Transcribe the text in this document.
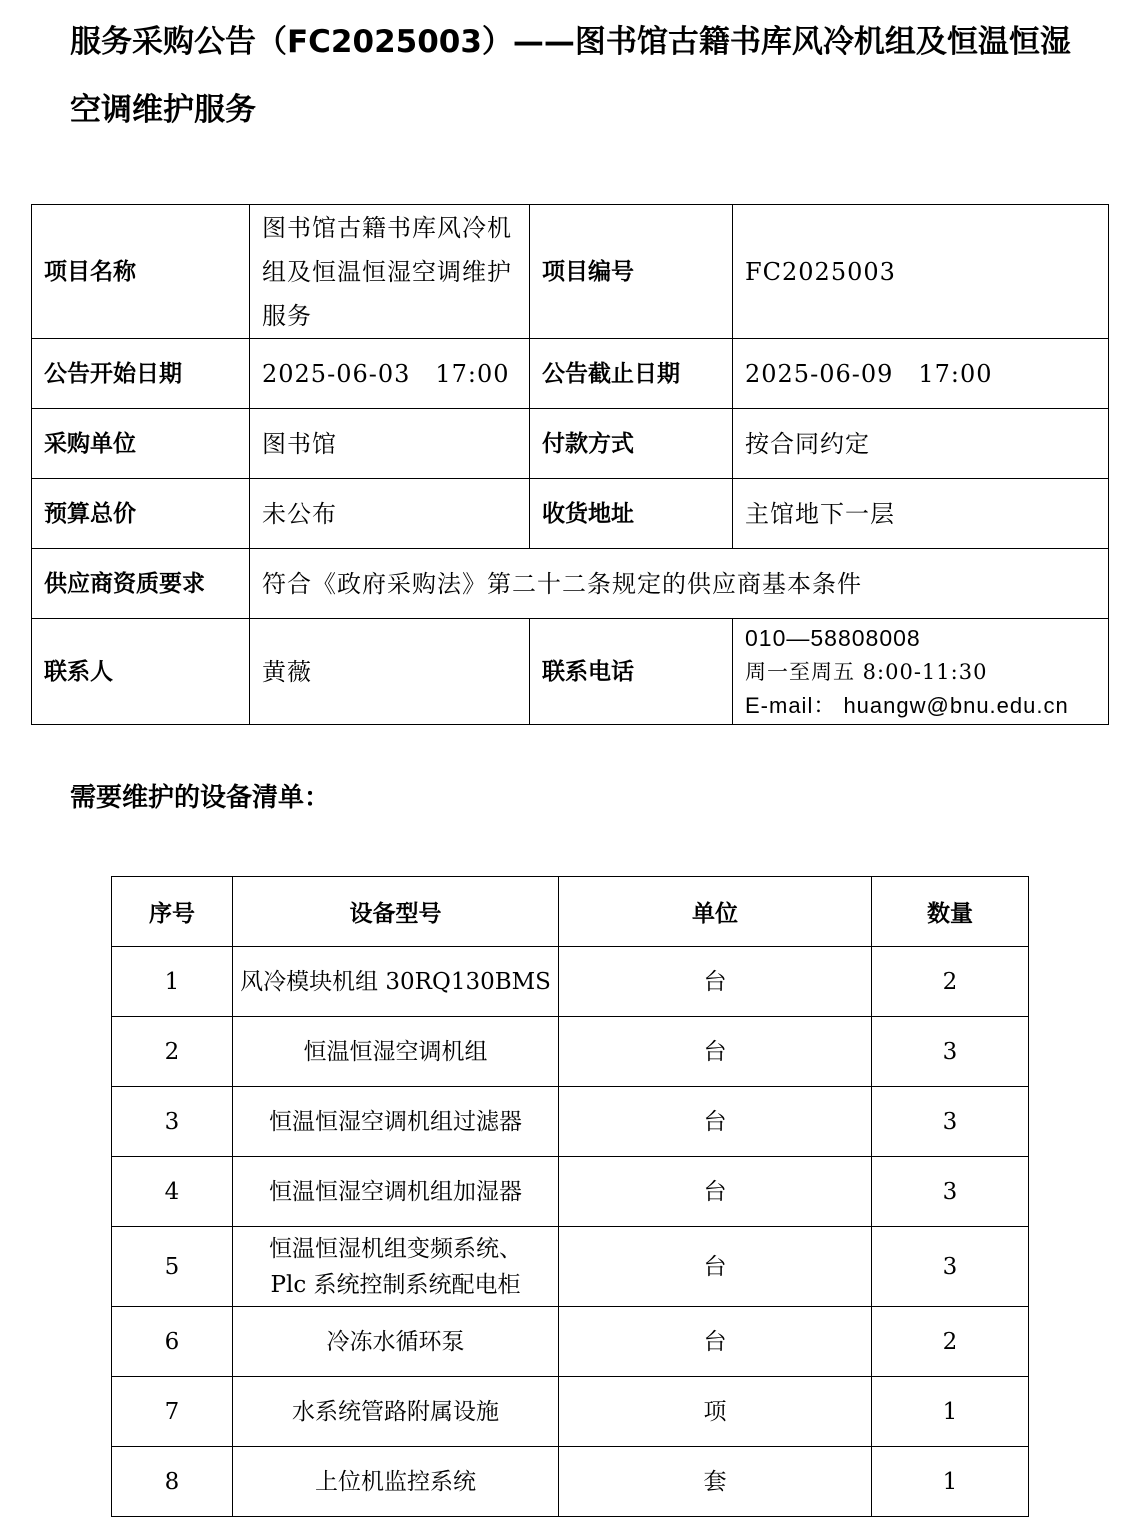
服务采购公告（FC2025003）——图书馆古籍书库风冷机组及恒温恒湿空调维护服务
项目名称	图书馆古籍书库风冷机组及恒温恒湿空调维护服务	项目编号	FC2025003
公告开始日期	2025-06-03　17:00	公告截止日期	2025-06-09　17:00
采购单位	图书馆	付款方式	按合同约定
预算总价	未公布	收货地址	主馆地下一层
供应商资质要求	符合《政府采购法》第二十二条规定的供应商基本条件		
联系人	黄薇	联系电话	010—58808008
周一至周五 8:00-11:30
E-mail： huangw@bnu.edu.cn
需要维护的设备清单：
序号	设备型号	单位	数量
1	风冷模块机组 30RQ130BMS	台	2
2	恒温恒湿空调机组	台	3
3	恒温恒湿空调机组过滤器	台	3
4	恒温恒湿空调机组加湿器	台	3
5	恒温恒湿机组变频系统、
Plc 系统控制系统配电柜	台	3
6	冷冻水循环泵	台	2
7	水系统管路附属设施	项	1
8	上位机监控系统	套	1
